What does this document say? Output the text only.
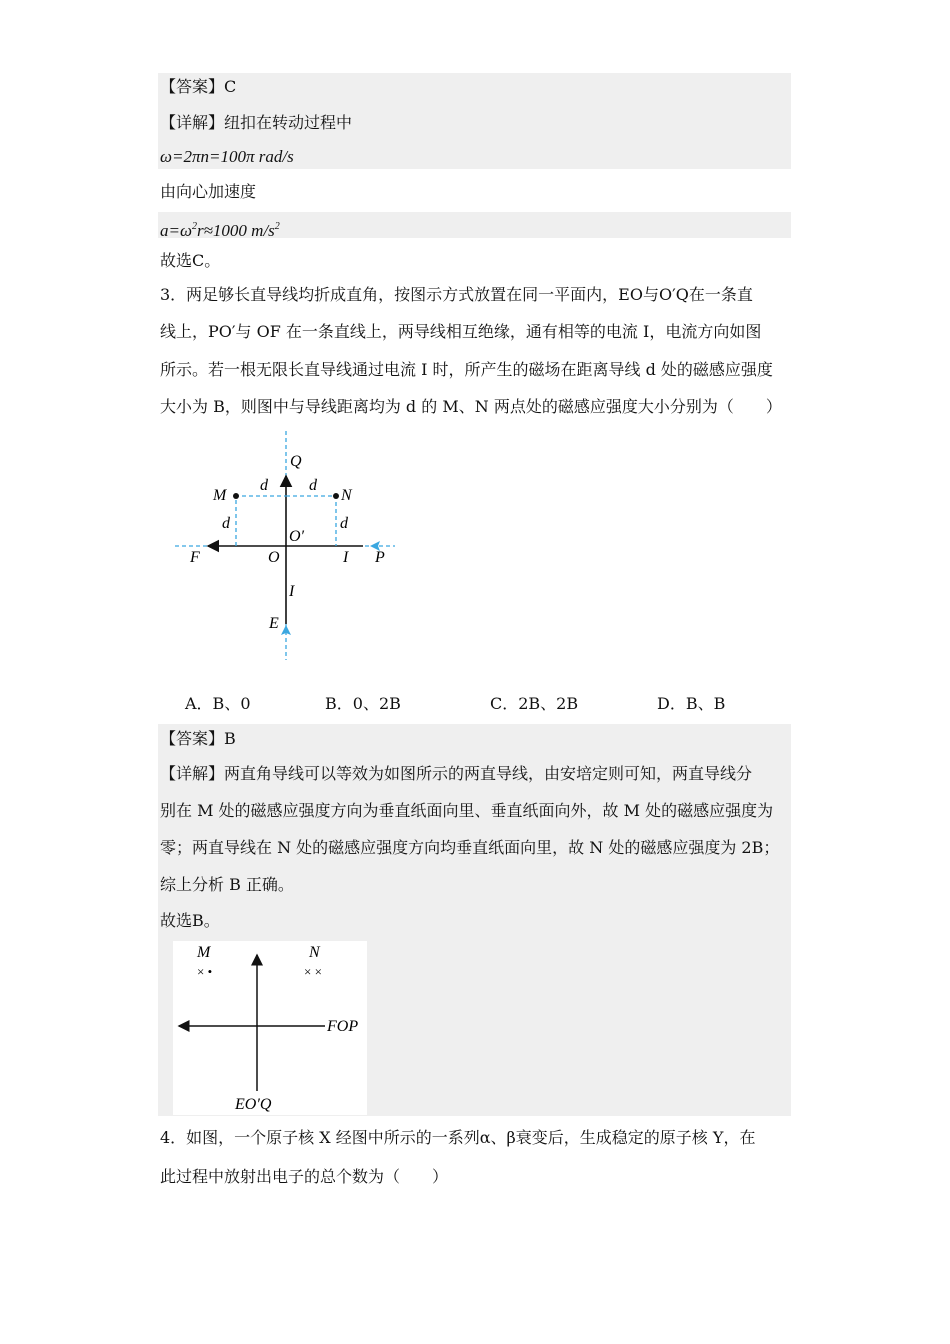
【答案】C
【详解】纽扣在转动过程中
ω=2πn=100π rad/s
由向心加速度
$a=\omega^2r\approx 1000$ $m/s^2$
故选C。
3．两足够长直导线均折成直角，按图示方式放置在同一平面内，EO与O′Q在一条直
线上，PO′与 OF 在一条直线上，两导线相互绝缘，通有相等的电流 I，电流方向如图
所示。若一根无限长直导线通过电流 I 时，所产生的磁场在距离导线 d 处的磁感应强度
大小为 B，则图中与导线距离均为 d 的 M、N 两点处的磁感应强度大小分别为（　　）
Q
M	N
d	d
d	d
O′
F	O	I P
I
E
A．B、0	B．0、2B	C．2B、2B	D．B、B
【答案】B
【详解】两直角导线可以等效为如图所示的两直导线，由安培定则可知，两直导线分
别在 M 处的磁感应强度方向为垂直纸面向里、垂直纸面向外，故 M 处的磁感应强度为
零；两直导线在 N 处的磁感应强度方向均垂直纸面向里，故 N 处的磁感应强度为 2B；
综上分析 B 正确。
故选B。
M	N
× •	× ×
FOP
EO′Q
4．如图，一个原子核 X 经图中所示的一系列α、β衰变后，生成稳定的原子核 Y，在
此过程中放射出电子的总个数为（　　）
